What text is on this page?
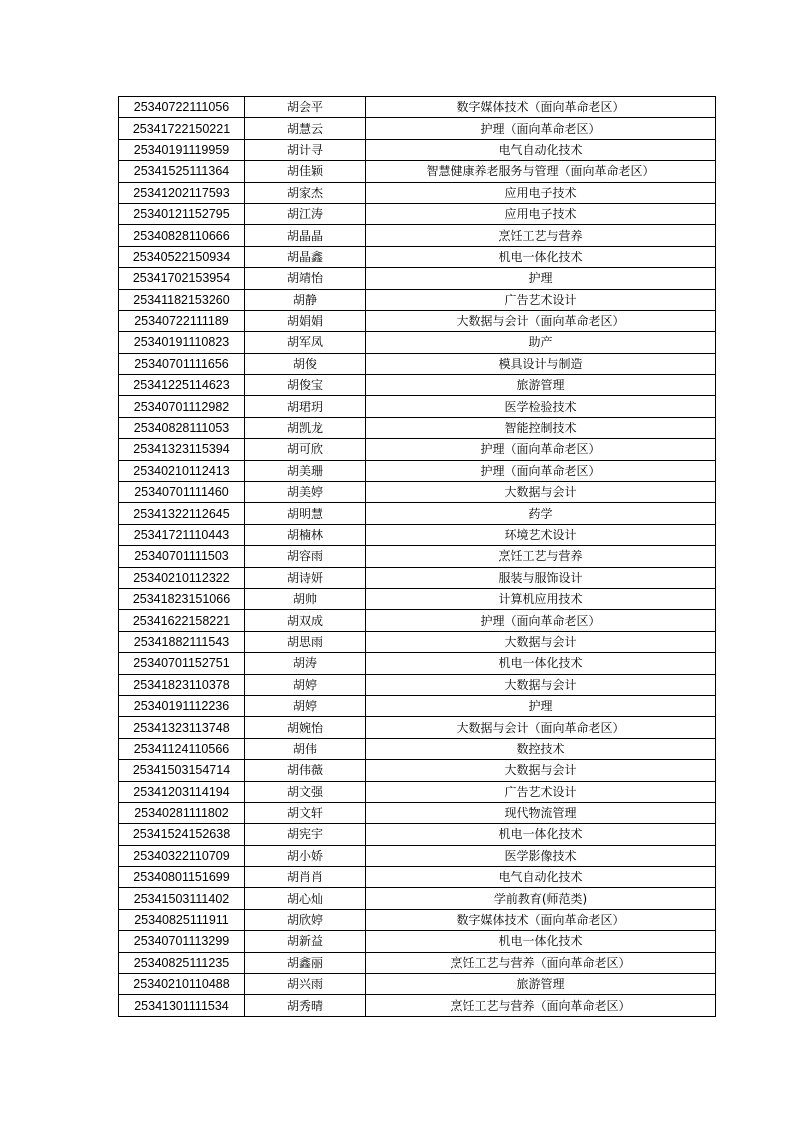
25340722111056	胡会平	数字媒体技术（面向革命老区）
25341722150221	胡慧云	护理（面向革命老区）
25340191119959	胡计寻	电气自动化技术
25341525111364	胡佳颖	智慧健康养老服务与管理（面向革命老区）
25341202117593	胡家杰	应用电子技术
25340121152795	胡江涛	应用电子技术
25340828110666	胡晶晶	烹饪工艺与营养
25340522150934	胡晶鑫	机电一体化技术
25341702153954	胡靖怡	护理
25341182153260	胡静	广告艺术设计
25340722111189	胡娟娟	大数据与会计（面向革命老区）
25340191110823	胡军凤	助产
25340701111656	胡俊	模具设计与制造
25341225114623	胡俊宝	旅游管理
25340701112982	胡珺玥	医学检验技术
25340828111053	胡凯龙	智能控制技术
25341323115394	胡可欣	护理（面向革命老区）
25340210112413	胡美珊	护理（面向革命老区）
25340701111460	胡美婷	大数据与会计
25341322112645	胡明慧	药学
25341721110443	胡楠林	环境艺术设计
25340701111503	胡容雨	烹饪工艺与营养
25340210112322	胡诗妍	服装与服饰设计
25341823151066	胡帅	计算机应用技术
25341622158221	胡双成	护理（面向革命老区）
25341882111543	胡思雨	大数据与会计
25340701152751	胡涛	机电一体化技术
25341823110378	胡婷	大数据与会计
25340191112236	胡婷	护理
25341323113748	胡婉怡	大数据与会计（面向革命老区）
25341124110566	胡伟	数控技术
25341503154714	胡伟薇	大数据与会计
25341203114194	胡文强	广告艺术设计
25340281111802	胡文轩	现代物流管理
25341524152638	胡宪宇	机电一体化技术
25340322110709	胡小娇	医学影像技术
25340801151699	胡肖肖	电气自动化技术
25341503111402	胡心灿	学前教育(师范类)
25340825111911	胡欣婷	数字媒体技术（面向革命老区）
25340701113299	胡新益	机电一体化技术
25340825111235	胡鑫丽	烹饪工艺与营养（面向革命老区）
25340210110488	胡兴雨	旅游管理
25341301111534	胡秀晴	烹饪工艺与营养（面向革命老区）
